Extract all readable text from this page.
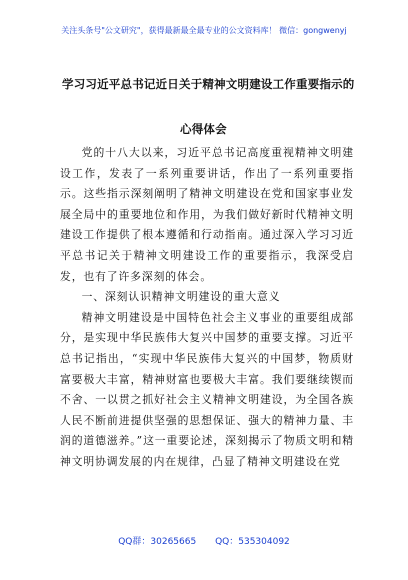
关注头条号"公文研究"，获得最新最全最专业的公文资料库！ 微信：gongwenyj
学习习近平总书记近日关于精神文明建设工作重要指示的
心得体会

党的十八大以来，习近平总书记高度重视精神文明建设工作，发表了一系列重要讲话，作出了一系列重要指示。这些指示深刻阐明了精神文明建设在党和国家事业发展全局中的重要地位和作用，为我们做好新时代精神文明建设工作提供了根本遵循和行动指南。通过深入学习习近平总书记关于精神文明建设工作的重要指示，我深受启发，也有了许多深刻的体会。

一、深刻认识精神文明建设的重大意义

精神文明建设是中国特色社会主义事业的重要组成部分，是实现中华民族伟大复兴中国梦的重要支撑。习近平总书记指出，“实现中华民族伟大复兴的中国梦，物质财富要极大丰富，精神财富也要极大丰富。我们要继续锲而不舍、一以贯之抓好社会主义精神文明建设，为全国各族人民不断前进提供坚强的思想保证、强大的精神力量、丰润的道德滋养。”这一重要论述，深刻揭示了物质文明和精神文明协调发展的内在规律，凸显了精神文明建设在党

QQ群：30265665 QQ：535304092
